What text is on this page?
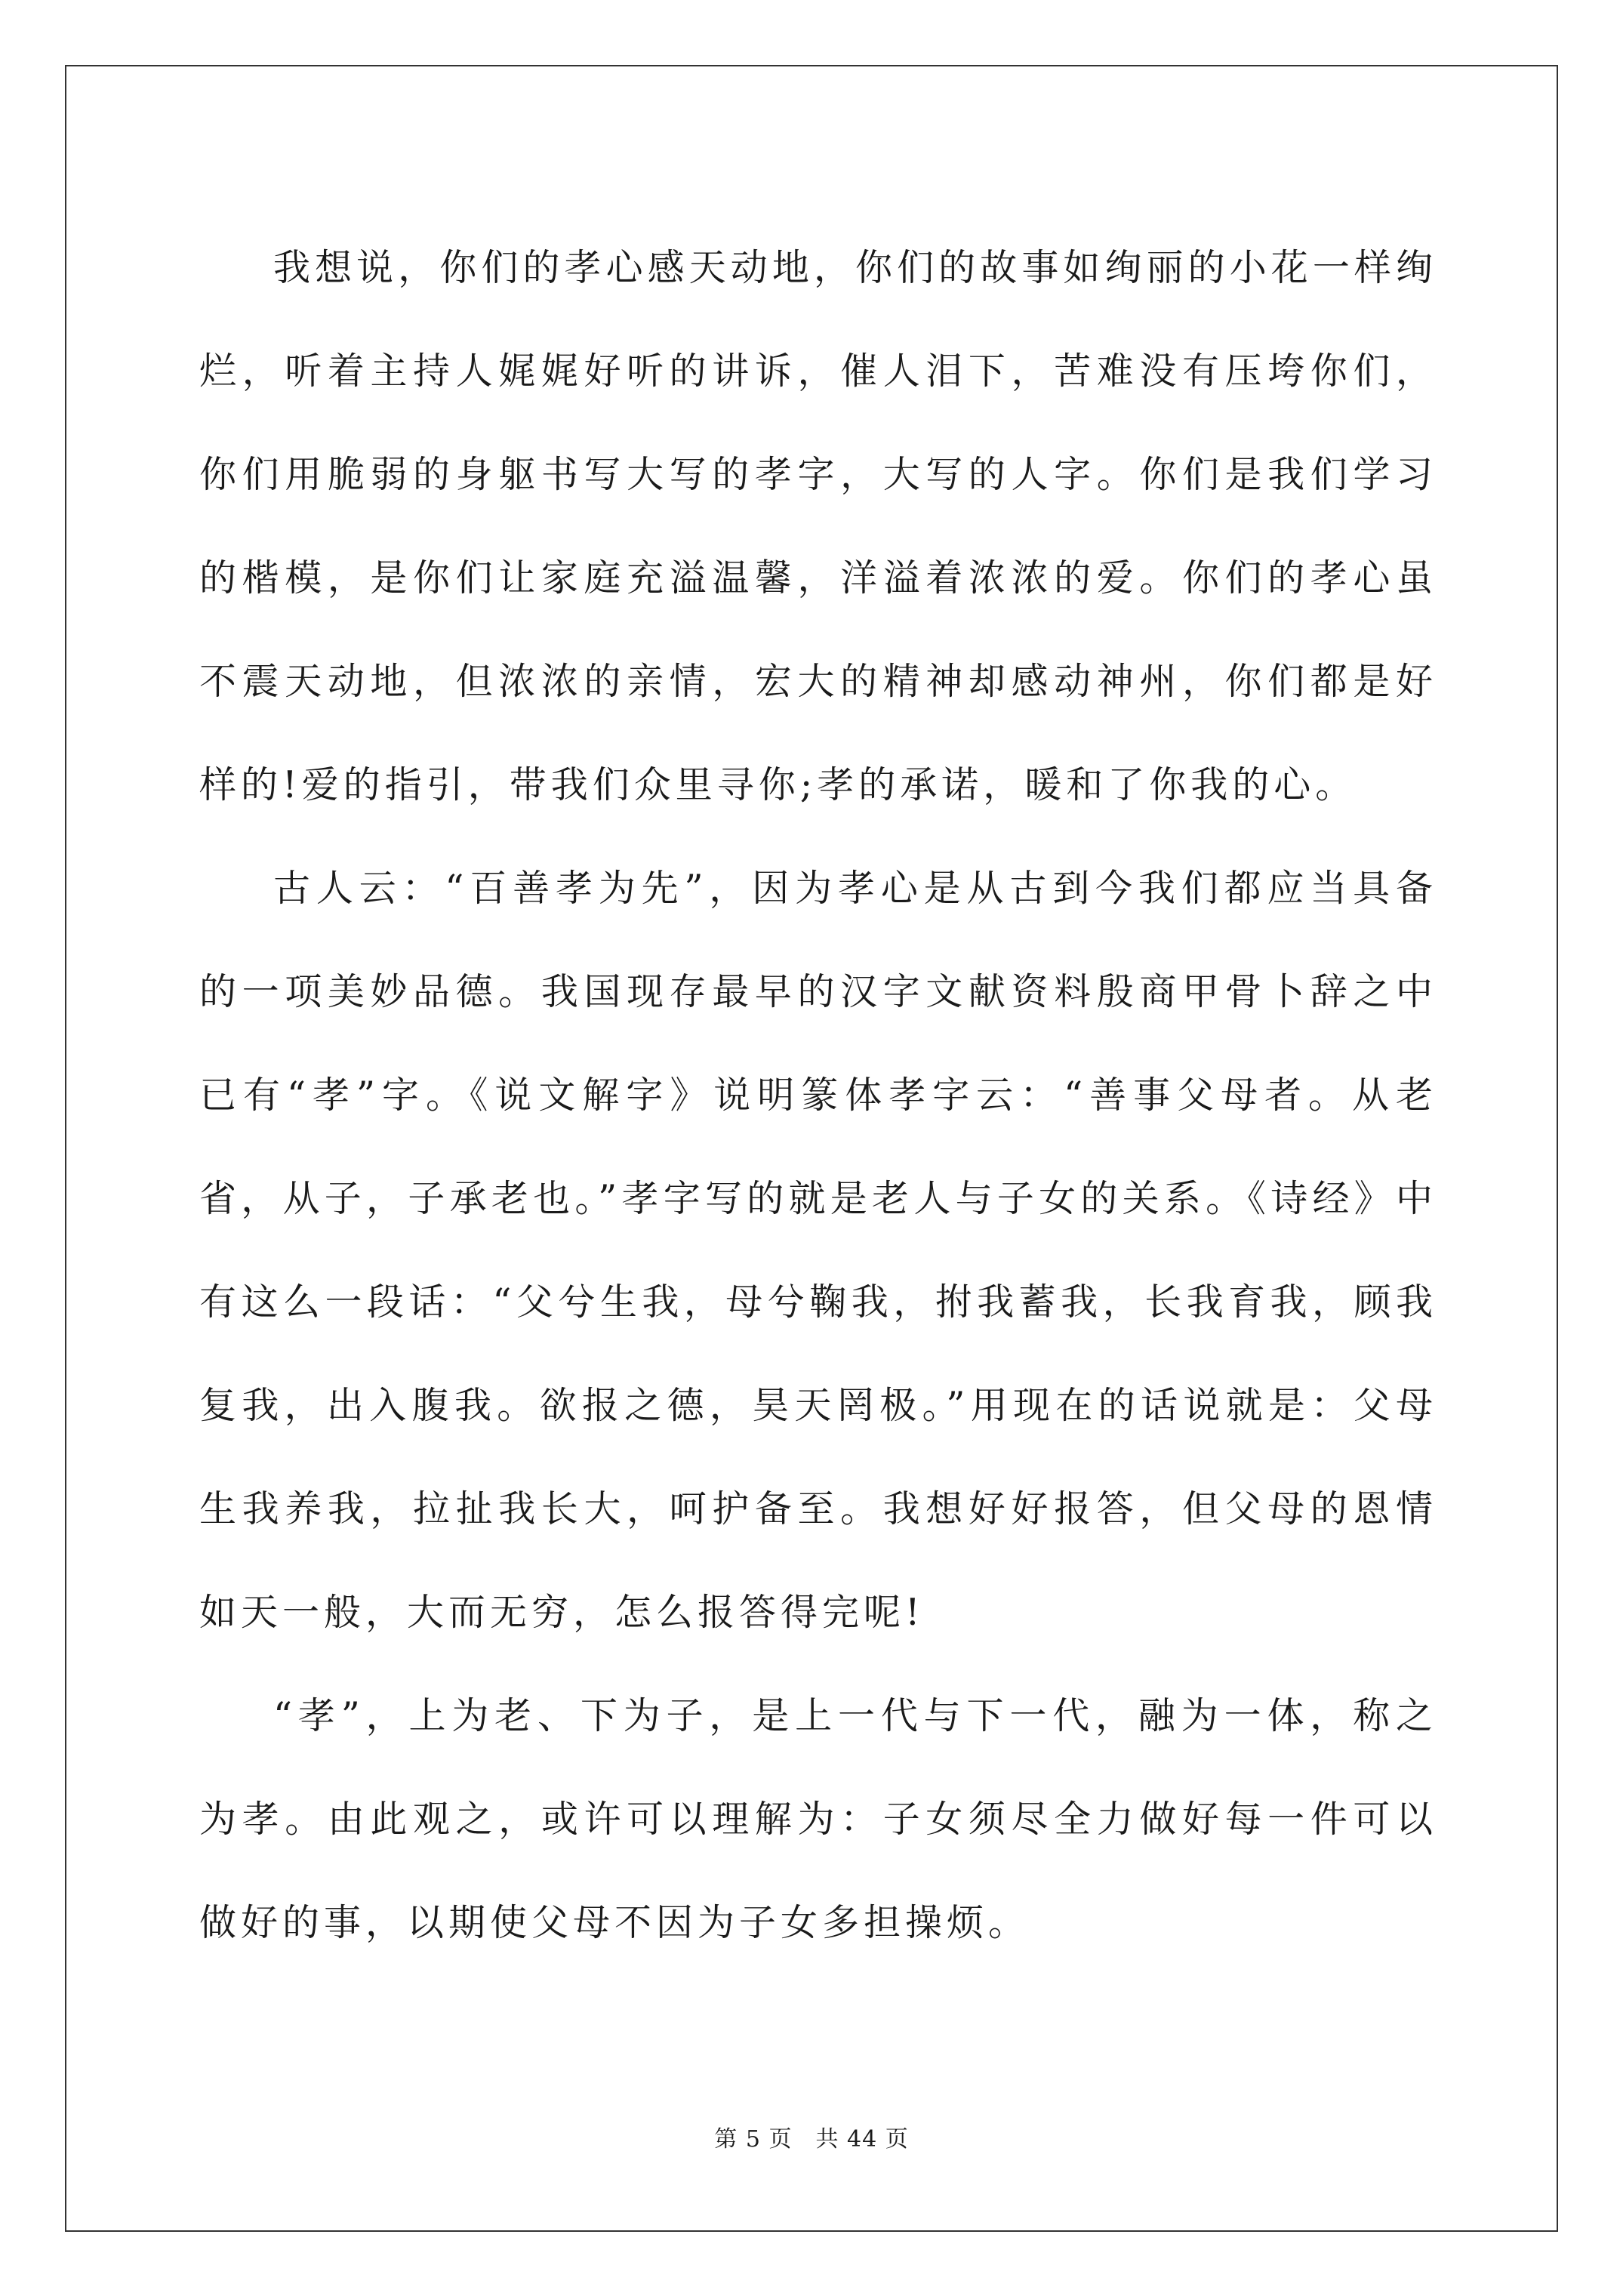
我想说，你们的孝心感天动地，你们的故事如绚丽的小花一样绚烂，听着主持人娓娓好听的讲诉，催人泪下，苦难没有压垮你们，你们用脆弱的身躯书写大写的孝字，大写的人字。你们是我们学习的楷模，是你们让家庭充溢温馨，洋溢着浓浓的爱。你们的孝心虽不震天动地，但浓浓的亲情，宏大的精神却感动神州，你们都是好样的!爱的指引，带我们众里寻你;孝的承诺，暖和了你我的心。

古人云：“百善孝为先”，因为孝心是从古到今我们都应当具备的一项美妙品德。我国现存最早的汉字文献资料殷商甲骨卜辞之中已有“孝”字。《说文解字》说明篆体孝字云：“善事父母者。从老省，从子，子承老也。”孝字写的就是老人与子女的关系。《诗经》中有这么一段话：“父兮生我，母兮鞠我，拊我蓄我，长我育我，顾我复我，出入腹我。欲报之德，昊天罔极。”用现在的话说就是：父母生我养我，拉扯我长大，呵护备至。我想好好报答，但父母的恩情如天一般，大而无穷，怎么报答得完呢!

“孝”，上为老、下为子，是上一代与下一代，融为一体，称之为孝。由此观之，或许可以理解为：子女须尽全力做好每一件可以做好的事，以期使父母不因为子女多担操烦。

第 5 页　共 44 页
